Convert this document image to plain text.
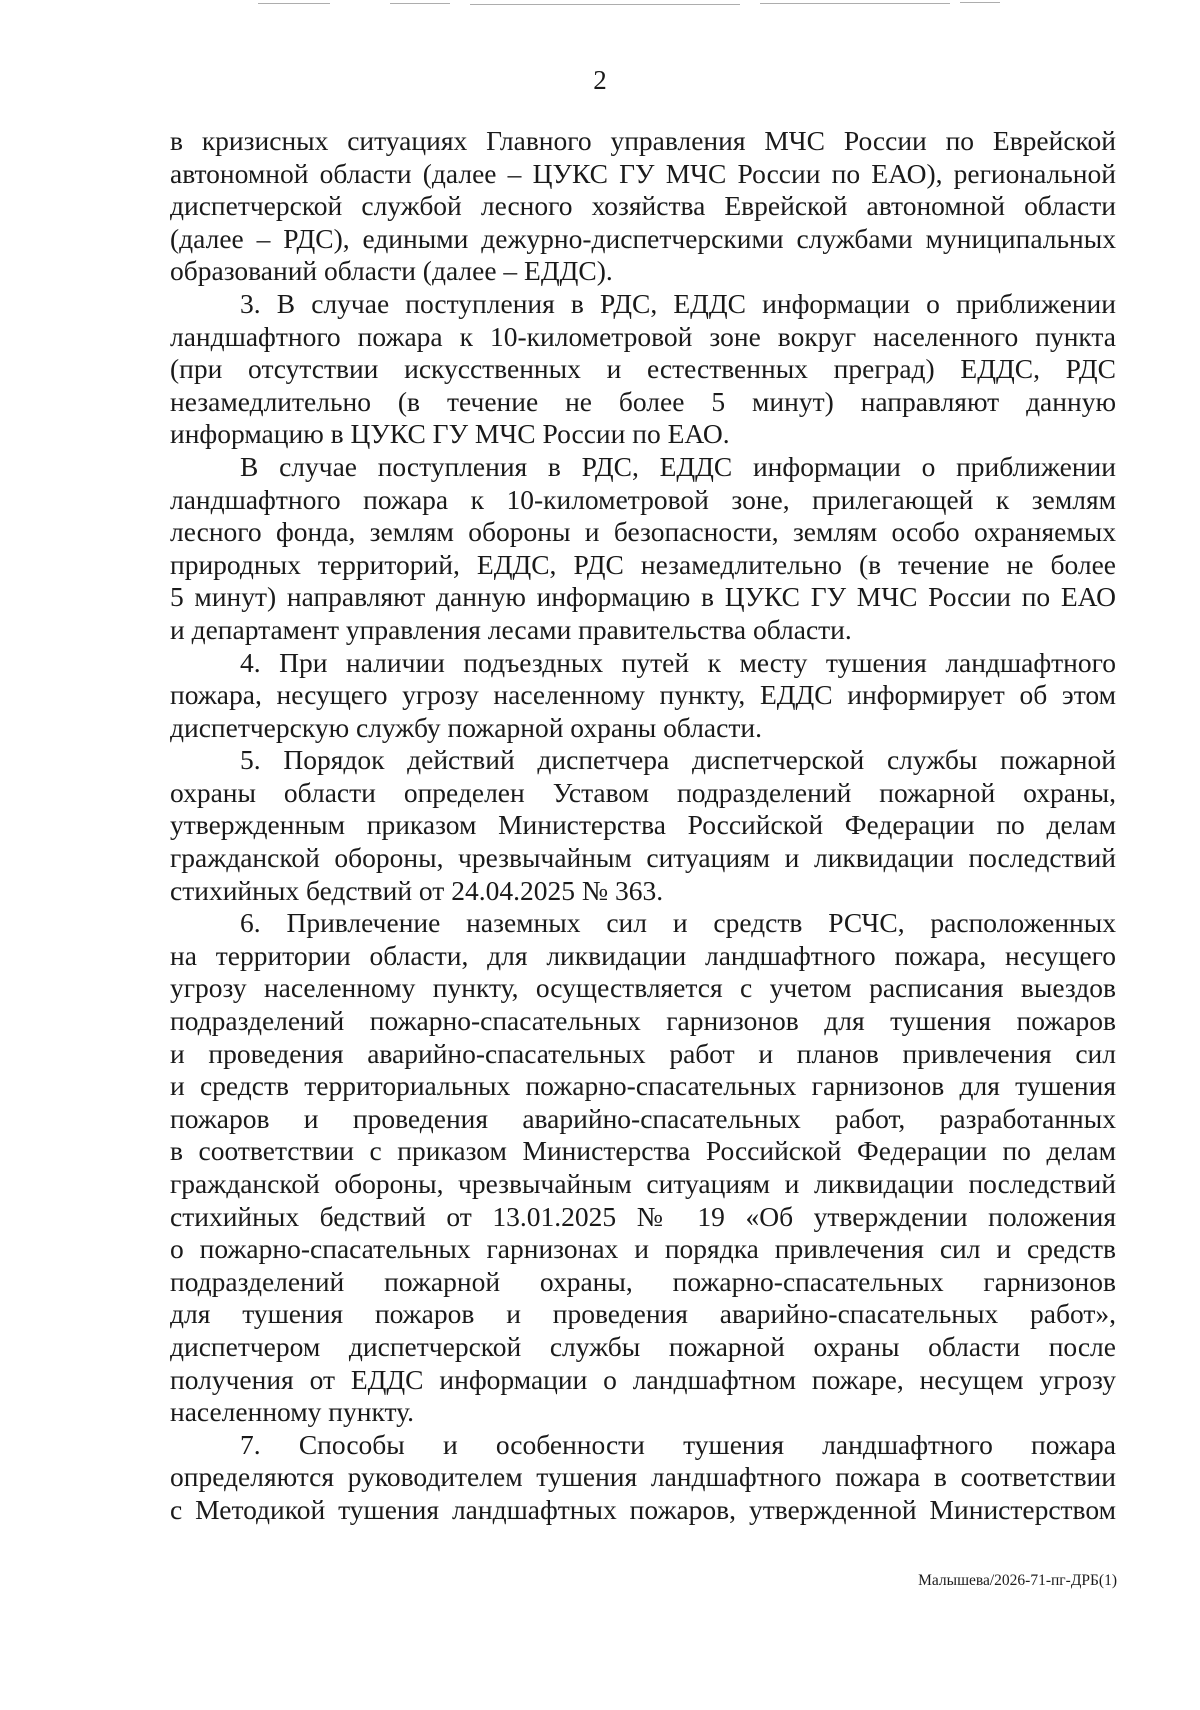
2
в кризисных ситуациях Главного управления МЧС России по Еврейской
автономной области (далее – ЦУКС ГУ МЧС России по ЕАО), региональной
диспетчерской службой лесного хозяйства Еврейской автономной области
(далее – РДС), едиными дежурно-диспетчерскими службами муниципальных
образований области (далее – ЕДДС).
3. В случае поступления в РДС, ЕДДС информации о приближении
ландшафтного пожара к 10-километровой зоне вокруг населенного пункта
(при отсутствии искусственных и естественных преград) ЕДДС, РДС
незамедлительно (в течение не более 5 минут) направляют данную
информацию в ЦУКС ГУ МЧС России по ЕАО.
В случае поступления в РДС, ЕДДС информации о приближении
ландшафтного пожара к 10-километровой зоне, прилегающей к землям
лесного фонда, землям обороны и безопасности, землям особо охраняемых
природных территорий, ЕДДС, РДС незамедлительно (в течение не более
5 минут) направляют данную информацию в ЦУКС ГУ МЧС России по ЕАО
и департамент управления лесами правительства области.
4. При наличии подъездных путей к месту тушения ландшафтного
пожара, несущего угрозу населенному пункту, ЕДДС информирует об этом
диспетчерскую службу пожарной охраны области.
5. Порядок действий диспетчера диспетчерской службы пожарной
охраны области определен Уставом подразделений пожарной охраны,
утвержденным приказом Министерства Российской Федерации по делам
гражданской обороны, чрезвычайным ситуациям и ликвидации последствий
стихийных бедствий от 24.04.2025 № 363.
6. Привлечение наземных сил и средств РСЧС, расположенных
на территории области, для ликвидации ландшафтного пожара, несущего
угрозу населенному пункту, осуществляется с учетом расписания выездов
подразделений пожарно-спасательных гарнизонов для тушения пожаров
и проведения аварийно-спасательных работ и планов привлечения сил
и средств территориальных пожарно-спасательных гарнизонов для тушения
пожаров и проведения аварийно-спасательных работ, разработанных
в соответствии с приказом Министерства Российской Федерации по делам
гражданской обороны, чрезвычайным ситуациям и ликвидации последствий
стихийных бедствий от 13.01.2025 № 19 «Об утверждении положения
о пожарно-спасательных гарнизонах и порядка привлечения сил и средств
подразделений пожарной охраны, пожарно-спасательных гарнизонов
для тушения пожаров и проведения аварийно-спасательных работ»,
диспетчером диспетчерской службы пожарной охраны области после
получения от ЕДДС информации о ландшафтном пожаре, несущем угрозу
населенному пункту.
7. Способы и особенности тушения ландшафтного пожара
определяются руководителем тушения ландшафтного пожара в соответствии
с Методикой тушения ландшафтных пожаров, утвержденной Министерством
Малышева/2026-71-пг-ДРБ(1)
